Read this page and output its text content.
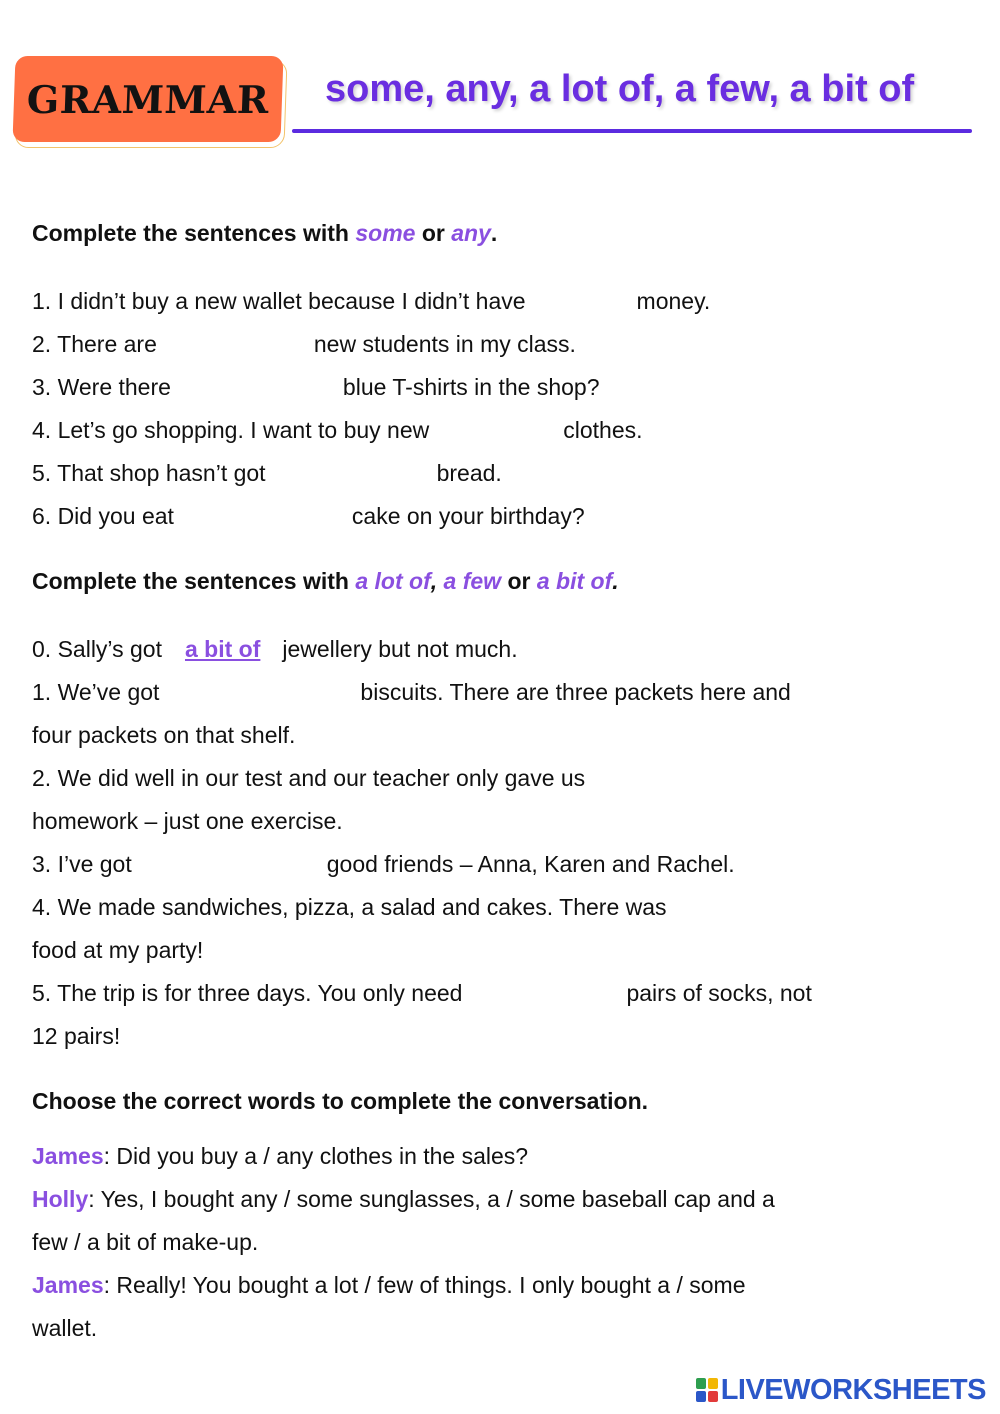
GRAMMAR some, any, a lot of, a few, a bit of
Complete the sentences with some or any.
1. I didn’t buy a new wallet because I didn’t have	money.
2. There are	new students in my class.
3. Were there	blue T-shirts in the shop?
4. Let’s go shopping. I want to buy new	clothes.
5. That shop hasn’t got	bread.
6. Did you eat	cake on your birthday?
Complete the sentences with a lot of, a few or a bit of.
0. Sally’s got a bit of jewellery but not much.
1. We’ve got	biscuits. There are three packets here and
four packets on that shelf.
2. We did well in our test and our teacher only gave us
homework – just one exercise.
3. I’ve got	good friends – Anna, Karen and Rachel.
4. We made sandwiches, pizza, a salad and cakes. There was
food at my party!
5. The trip is for three days. You only need	pairs of socks, not
12 pairs!
Choose the correct words to complete the conversation.
James: Did you buy a / any clothes in the sales?
Holly: Yes, I bought any / some sunglasses, a / some baseball cap and a
few / a bit of make-up.
James: Really! You bought a lot / few of things. I only bought a / some
wallet.
LIVEWORKSHEETS
